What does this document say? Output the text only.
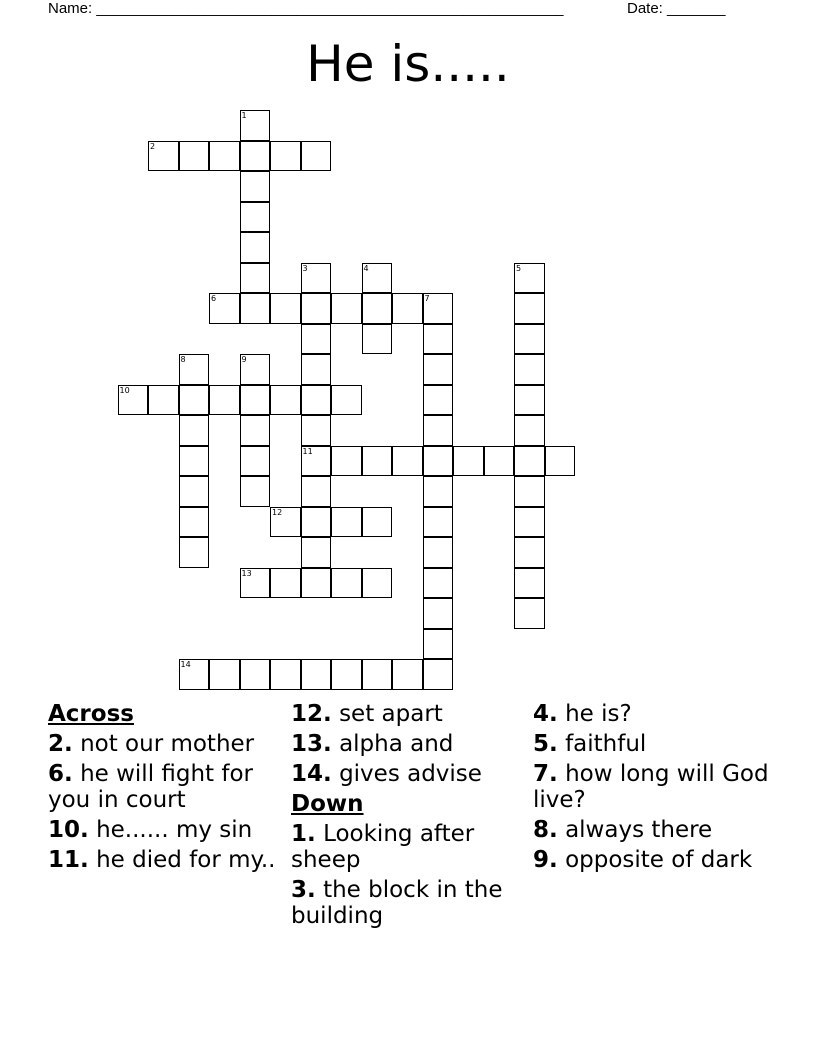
Name: ________________________________________________________	Date: _______
He is.....
1
2
3
11
4	5
6	7
8	9
10
12
13
14
Across
2. not our mother
6. he will fight for you in court
10. he...... my sin
11. he died for my..
12. set apart
13. alpha and
14. gives advise
Down
1. Looking after sheep
3. the block in the building
4. he is?
5. faithful
7. how long will God live?
8. always there
9. opposite of dark
